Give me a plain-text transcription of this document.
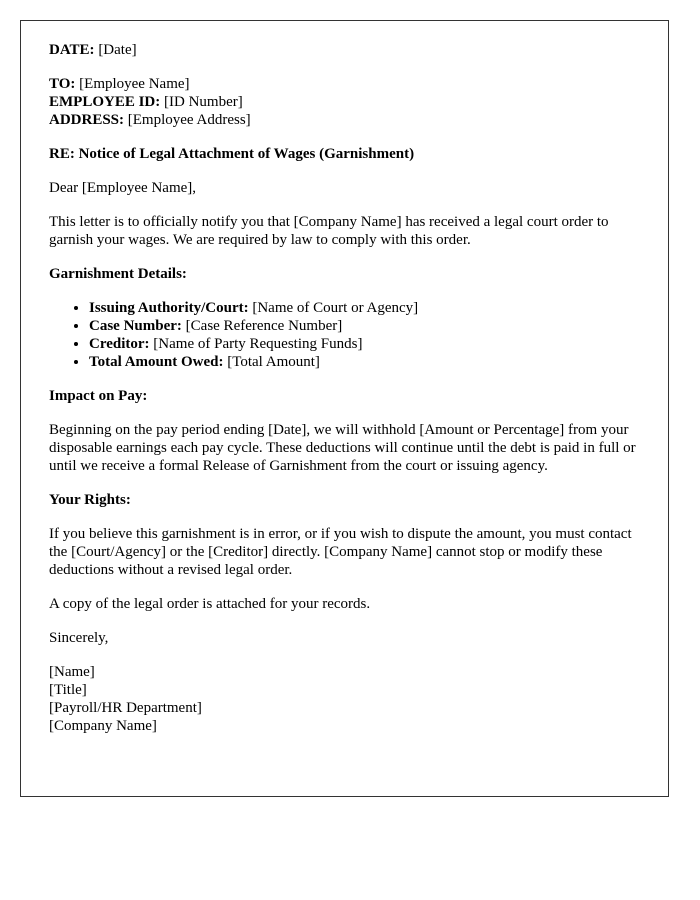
DATE: [Date]

TO: [Employee Name]
EMPLOYEE ID: [ID Number]
ADDRESS: [Employee Address]

RE: Notice of Legal Attachment of Wages (Garnishment)

Dear [Employee Name],

This letter is to officially notify you that [Company Name] has received a legal court order to garnish your wages. We are required by law to comply with this order.

Garnishment Details:

• Issuing Authority/Court: [Name of Court or Agency]
• Case Number: [Case Reference Number]
• Creditor: [Name of Party Requesting Funds]
• Total Amount Owed: [Total Amount]

Impact on Pay:

Beginning on the pay period ending [Date], we will withhold [Amount or Percentage] from your disposable earnings each pay cycle. These deductions will continue until the debt is paid in full or until we receive a formal Release of Garnishment from the court or issuing agency.

Your Rights:

If you believe this garnishment is in error, or if you wish to dispute the amount, you must contact the [Court/Agency] or the [Creditor] directly. [Company Name] cannot stop or modify these deductions without a revised legal order.

A copy of the legal order is attached for your records.

Sincerely,

[Name]

[Title]

[Payroll/HR Department]

[Company Name]
